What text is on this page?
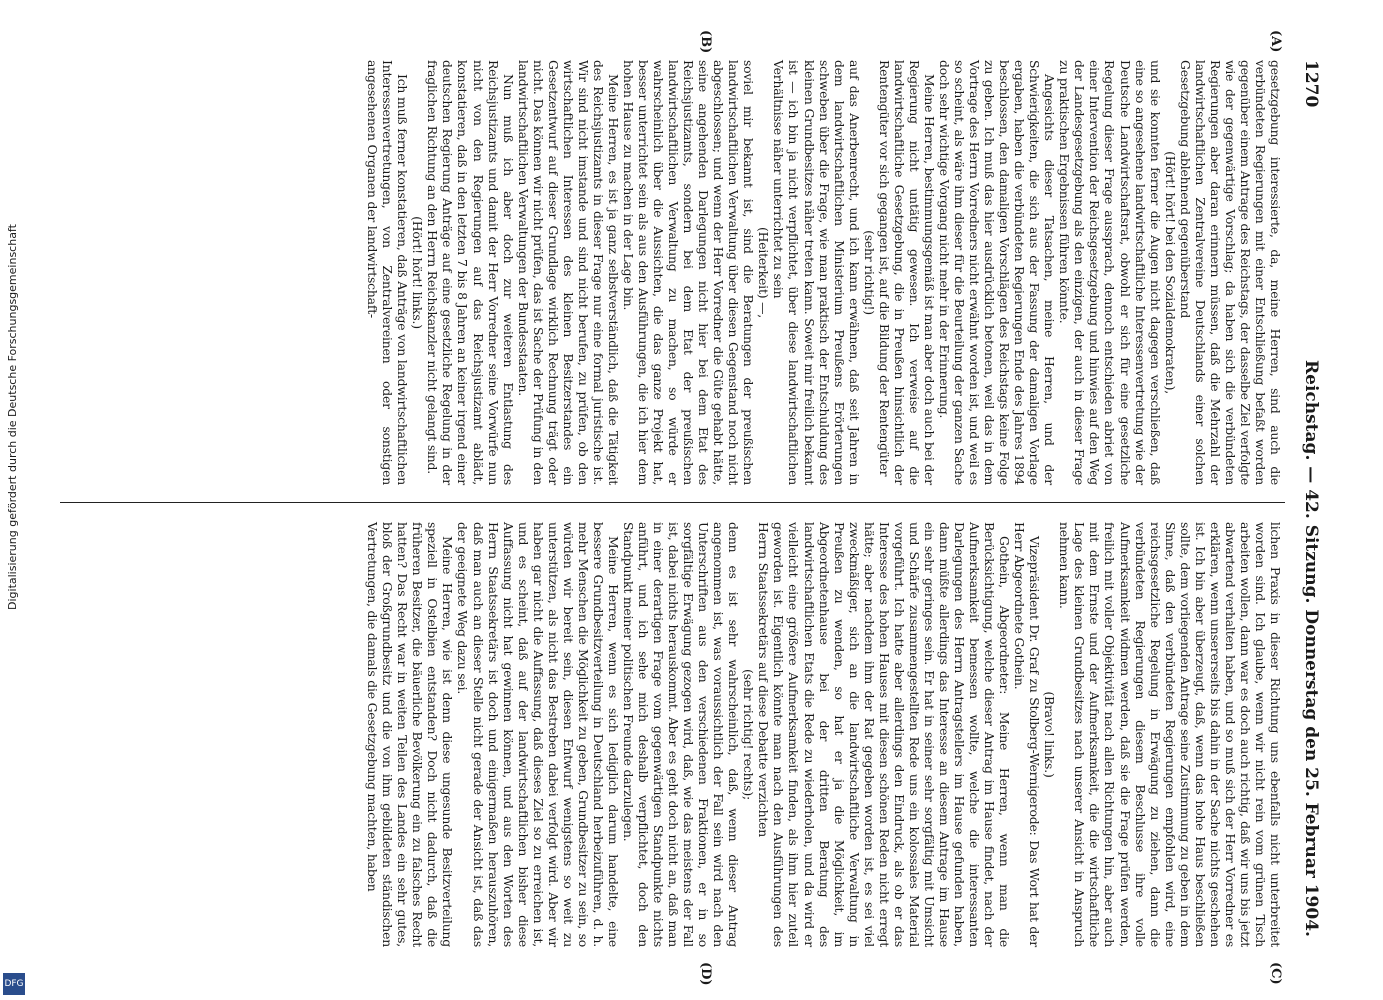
1270
Reichstag. — 42. Sitzung. Donnerstag den 25. Februar 1904.
(A)
(B)
(C)
(D)

gesetzgebung interessierte, da, meine Herren, sind auch die verbündeten Regierungen mit einer Entschließung befaßt worden gegenüber einem Antrage des Reichstags, der dasselbe Ziel verfolgte wie der gegenwärtige Vorschlag; da haben sich die verbündeten Regierungen aber daran erinnern müssen, daß die Mehrzahl der landwirtschaftlichen Zentralvereine Deutschlands einer solchen Gesetzgebung ablehnend gegenüberstand

(Hört! hört! bei den Sozialdemokraten),

und sie konnten ferner die Augen nicht dagegen verschließen, daß eine so angesehene landwirtschaftliche Interessenvertretung wie der Deutsche Landwirtschaftsrat, obwohl er sich für eine gesetzliche Regelung dieser Frage aussprach, dennoch entschieden abriet von einer Intervention der Reichsgesetzgebung und hinwies auf den Weg der Landesgesetzgebung als den einzigen, der auch in dieser Frage zu praktischen Ergebnissen führen könnte.

Angesichts dieser Tatsachen, meine Herren, und der Schwierigkeiten, die sich aus der Fassung der damaligen Vorlage ergaben, haben die verbündeten Regierungen Ende des Jahres 1894 beschlossen, den damaligen Vorschlägen des Reichstags keine Folge zu geben. Ich muß das hier ausdrücklich betonen, weil das in dem Vortrage des Herrn Vorredners nicht erwähnt worden ist, und weil es so scheint, als wäre ihm dieser für die Beurteilung der ganzen Sache doch sehr wichtige Vorgang nicht mehr in der Erinnerung.

Meine Herren, bestimmungsgemäß ist man aber doch auch bei der Regierung nicht untätig gewesen. Ich verweise auf die landwirtschaftliche Gesetzgebung, die in Preußen hinsichtlich der Rentengüter vor sich gegangen ist, auf die Bildung der Rentengüter

(sehr richtig!)

auf das Anerbenrecht, und ich kann erwähnen, daß seit Jahren in dem landwirtschaftlichen Ministerium Preußens Erörterungen schweben über die Frage, wie man praktisch der Entschuldung des kleinen Grundbesitzes näher treten kann. Soweit mir freilich bekannt ist — ich bin ja nicht verpflichtet, über diese landwirtschaftlichen Verhältnisse näher unterrichtet zu sein

(Heiterkeit) —,

soviel mir bekannt ist, sind die Beratungen der preußischen landwirtschaftlichen Verwaltung über diesen Gegenstand noch nicht abgeschlossen; und wenn der Herr Vorredner die Güte gehabt hätte, seine angehenden Darlegungen nicht hier bei dem Etat des Reichsjustizamts, sondern bei dem Etat der preußischen landwirtschaftlichen Verwaltung zu machen, so würde er wahrscheinlich über die Aussichten, die das ganze Projekt hat, besser unterrichtet sein als aus den Ausführungen, die ich hier dem hohen Hause zu machen in der Lage bin.

Meine Herren, es ist ja ganz selbstverständlich, daß die Tätigkeit des Reichsjustizamts in dieser Frage nur eine formal juristische ist. Wir sind nicht imstande und sind nicht berufen, zu prüfen, ob den wirtschaftlichen Interessen des kleinen Besitzerstandes ein Gesetzentwurf auf dieser Grundlage wirklich Rechnung trägt oder nicht. Das können wir nicht prüfen, das ist Sache der Prüfung in den landwirtschaftlichen Verwaltungen der Bundesstaaten.

Nun muß ich aber doch zur weiteren Entlastung des Reichsjustizamts und damit der Herr Vorredner seine Vorwürfe nun nicht von den Regierungen auf das Reichsjustizamt ablädt, konstatieren, daß in den letzten 7 bis 8 Jahren an keiner irgend einer deutschen Regierung Anträge auf eine gesetzliche Regelung in der fraglichen Richtung an den Herrn Reichskanzler nicht gelangt sind.

(Hört! hört! links.)

Ich muß ferner konstatieren, daß Anträge von landwirtschaftlichen Interessenvertretungen, von Zentralvereinen oder sonstigen angesehenen Organen der landwirtschaft-

lichen Praxis in dieser Richtung uns ebenfalls nicht unterbreitet worden sind. Ich glaube, wenn wir nicht rein vom grünen Tisch arbeiten wollen, dann war es doch auch richtig, daß wir uns bis jetzt abwartend verhalten haben, und so muß sich der Herr Vorredner es erklären, wenn unsererseits bis dahin in der Sache nichts geschehen ist. Ich bin aber überzeugt, daß, wenn das hohe Haus beschließen sollte, dem vorliegenden Antrage seine Zustimmung zu geben in dem Sinne, daß den verbündeten Regierungen empfohlen wird, eine reichsgesetzliche Regelung in Erwägung zu ziehen, dann die verbündeten Regierungen diesem Beschlusse ihre volle Aufmerksamkeit widmen werden, daß sie die Frage prüfen werden, freilich mit voller Objektivität nach allen Richtungen hin, aber auch mit dem Ernste und der Aufmerksamkeit, die die wirtschaftliche Lage des kleinen Grundbesitzes nach unserer Ansicht in Anspruch nehmen kann.

(Bravo! links.)

Vizepräsident Dr. Graf zu Stolberg-Wernigerode: Das Wort hat der Herr Abgeordnete Gothein.

Gothein, Abgeordneter: Meine Herren, wenn man die Berücksichtigung, welche dieser Antrag im Hause findet, nach der Aufmerksamkeit bemessen wollte, welche die interessanten Darlegungen des Herrn Antragstellers im Hause gefunden haben, dann müßte allerdings das Interesse an diesem Antrage im Hause ein sehr geringes sein. Er hat in seiner sehr sorgfältig mit Umsicht und Schärfe zusammengestellten Rede uns ein kolossales Material vorgeführt. Ich hatte aber allerdings den Eindruck, als ob er das Interesse des hohen Hauses mit diesen schönen Reden nicht erregt hätte; aber nachdem ihm der Rat gegeben worden ist, es sei viel zweckmäßiger, sich an die landwirtschaftliche Verwaltung in Preußen zu wenden, so hat er ja die Möglichkeit, im Abgeordnetenhause bei der dritten Beratung des landwirtschaftlichen Etats die Rede zu wiederholen, und da wird er vielleicht eine größere Aufmerksamkeit finden, als ihm hier zuteil geworden ist. Eigentlich könnte man nach den Ausführungen des Herrn Staatssekretärs auf diese Debatte verzichten

(sehr richtig! rechts);

denn es ist sehr wahrscheinlich, daß, wenn dieser Antrag angenommen ist, was voraussichtlich der Fall sein wird nach den Unterschriften aus den verschiedenen Fraktionen, er in so sorgfältige Erwägung gezogen wird, daß, wie das meistens der Fall ist, dabei nichts herauskommt. Aber es geht doch nicht an, daß man in einer derartigen Frage vom gegenwärtigen Standpunkte nichts anführt, und ich sehe mich deshalb verpflichtet, doch den Standpunkt meiner politischen Freunde darzulegen.

Meine Herren, wenn es sich lediglich darum handelte, eine bessere Grundbesitzverteilung in Deutschland herbeizuführen, d. h. mehr Menschen die Möglichkeit zu geben, Grundbesitzer zu sein, so würden wir bereit sein, diesen Entwurf wenigstens so weit zu unterstützen, als nicht das Bestreben dabei verfolgt wird. Aber wir haben gar nicht die Auffassung, daß dieses Ziel so zu erreichen ist, und es scheint, daß auf der landwirtschaftlichen bisher diese Auffassung nicht hat gewinnen können, und aus den Worten des Herrn Staatssekretärs ist doch und einigermaßen herauszuhören, daß man auch an dieser Stelle nicht gerade der Ansicht ist, daß das der geeignete Weg dazu sei.

Meine Herren, wie ist denn diese ungesunde Besitzverteilung speziell in Ostelbien entstanden? Doch nicht dadurch, daß die früheren Besitzer, die bäuerliche Bevölkerung ein zu falsches Recht hatten? Das Recht war in weiten Teilen des Landes ein sehr gutes, bloß der Großgrundbesitz und die von ihm gebildeten ständischen Vertretungen, die damals die Gesetzgebung machten, haben

Digitalisierung gefördert durch die Deutsche Forschungsgemeinschaft
DFG
